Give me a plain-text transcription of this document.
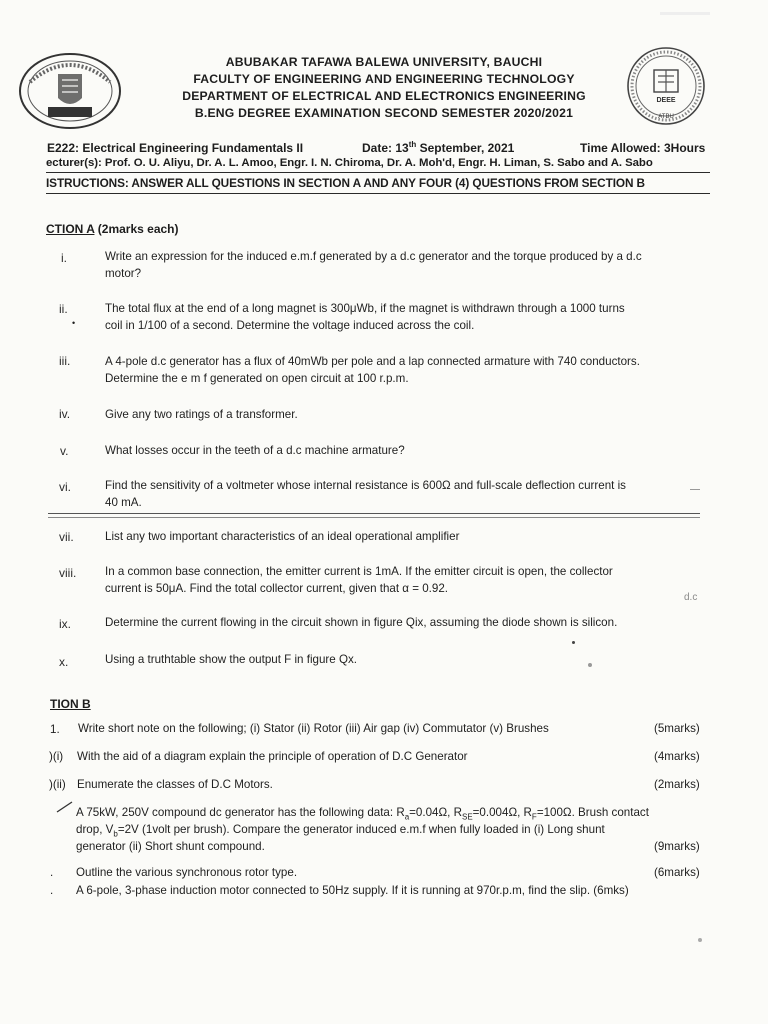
DEEE
ATBU
ABUBAKAR TAFAWA BALEWA UNIVERSITY, BAUCHI
FACULTY OF ENGINEERING AND ENGINEERING TECHNOLOGY
DEPARTMENT OF ELECTRICAL AND ELECTRONICS ENGINEERING
B.ENG DEGREE EXAMINATION SECOND SEMESTER 2020/2021
E222: Electrical Engineering Fundamentals II	Date: 13th September, 2021	Time Allowed: 3Hours
ecturer(s): Prof. O. U. Aliyu, Dr. A. L. Amoo, Engr. I. N. Chiroma, Dr. A. Moh'd, Engr. H. Liman, S. Sabo and A. Sabo
ISTRUCTIONS: ANSWER ALL QUESTIONS IN SECTION A AND ANY FOUR (4) QUESTIONS FROM SECTION B
CTION A (2marks each)
i.	Write an expression for the induced e.m.f generated by a d.c generator and the torque produced by a d.c
motor?
ii.
•
The total flux at the end of a long magnet is 300μWb, if the magnet is withdrawn through a 1000 turns
coil in 1/100 of a second. Determine the voltage induced across the coil.
iii.	A 4-pole d.c generator has a flux of 40mWb per pole and a lap connected armature with 740 conductors.
Determine the e m f generated on open circuit at 100 r.p.m.
iv.	Give any two ratings of a transformer.
v.	What losses occur in the teeth of a d.c machine armature?
vi.	Find the sensitivity of a voltmeter whose internal resistance is 600Ω and full-scale deflection current is
40 mA.
vii.	List any two important characteristics of an ideal operational amplifier
viii. In a common base connection, the emitter current is 1mA. If the emitter circuit is open, the collector
current is 50μA. Find the total collector current, given that α = 0.92.
d.c
ix.	Determine the current flowing in the circuit shown in figure Qix, assuming the diode shown is silicon.
x.	Using a truthtable show the output F in figure Qx.
TION B
1. Write short note on the following; (i) Stator (ii) Rotor (iii) Air gap (iv) Commutator (v) Brushes	(5marks)
)(i) With the aid of a diagram explain the principle of operation of D.C Generator	(4marks)
)(ii) Enumerate the classes of D.C Motors.	(2marks)
A 75kW, 250V compound dc generator has the following data: $R_a=0.04\Omega$, $R_{SE}=0.004\Omega$, $R_F=100\Omega$. Brush contact
drop, $V_b=2V$ (1volt per brush). Compare the generator induced e.m.f when fully loaded in (i) Long shunt
generator (ii) Short shunt compound.	(9marks)
. Outline the various synchronous rotor type.	(6marks)
. A 6-pole, 3-phase induction motor connected to 50Hz supply. If it is running at 970r.p.m, find the slip. (6mks)
